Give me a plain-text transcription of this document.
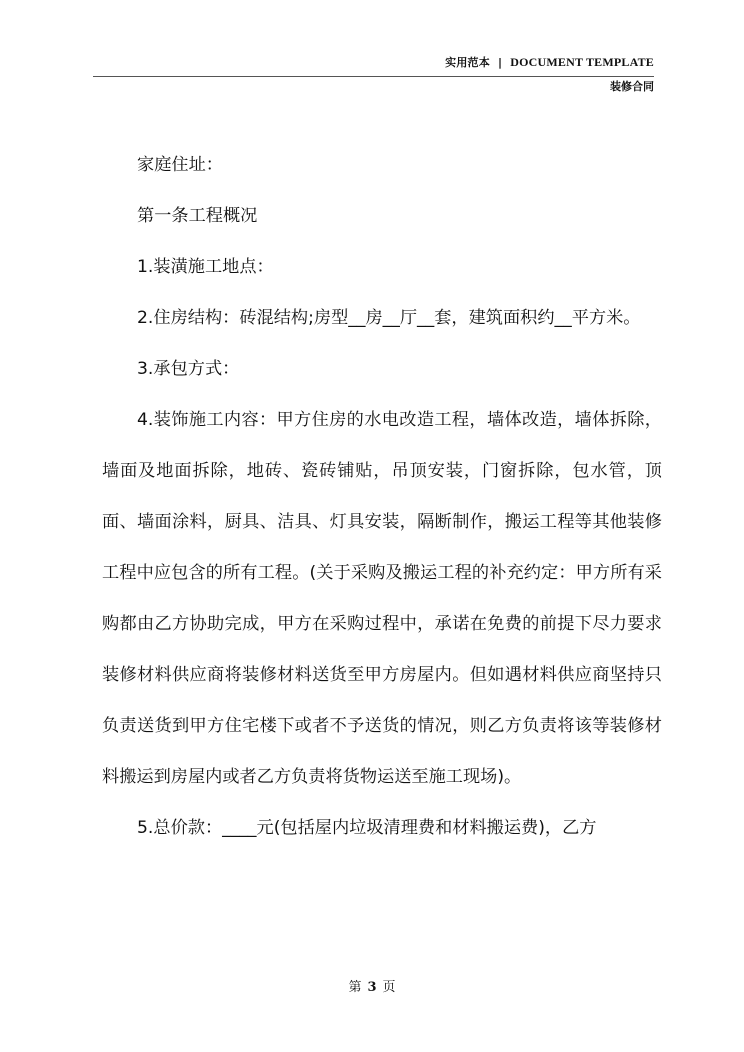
实用范本 | DOCUMENT TEMPLATE
装修合同

家庭住址：

第一条工程概况

1.装潢施工地点：

2.住房结构：砖混结构;房型__房__厅__套，建筑面积约__平方米。

3.承包方式：

4.装饰施工内容：甲方住房的水电改造工程，墙体改造，墙体拆除，墙面及地面拆除，地砖、瓷砖铺贴，吊顶安装，门窗拆除，包水管，顶面、墙面涂料，厨具、洁具、灯具安装，隔断制作，搬运工程等其他装修工程中应包含的所有工程。(关于采购及搬运工程的补充约定：甲方所有采购都由乙方协助完成，甲方在采购过程中，承诺在免费的前提下尽力要求装修材料供应商将装修材料送货至甲方房屋内。但如遇材料供应商坚持只负责送货到甲方住宅楼下或者不予送货的情况，则乙方负责将该等装修材料搬运到房屋内或者乙方负责将货物运送至施工现场)。

5.总价款：____元(包括屋内垃圾清理费和材料搬运费)，乙方

第 3 页
